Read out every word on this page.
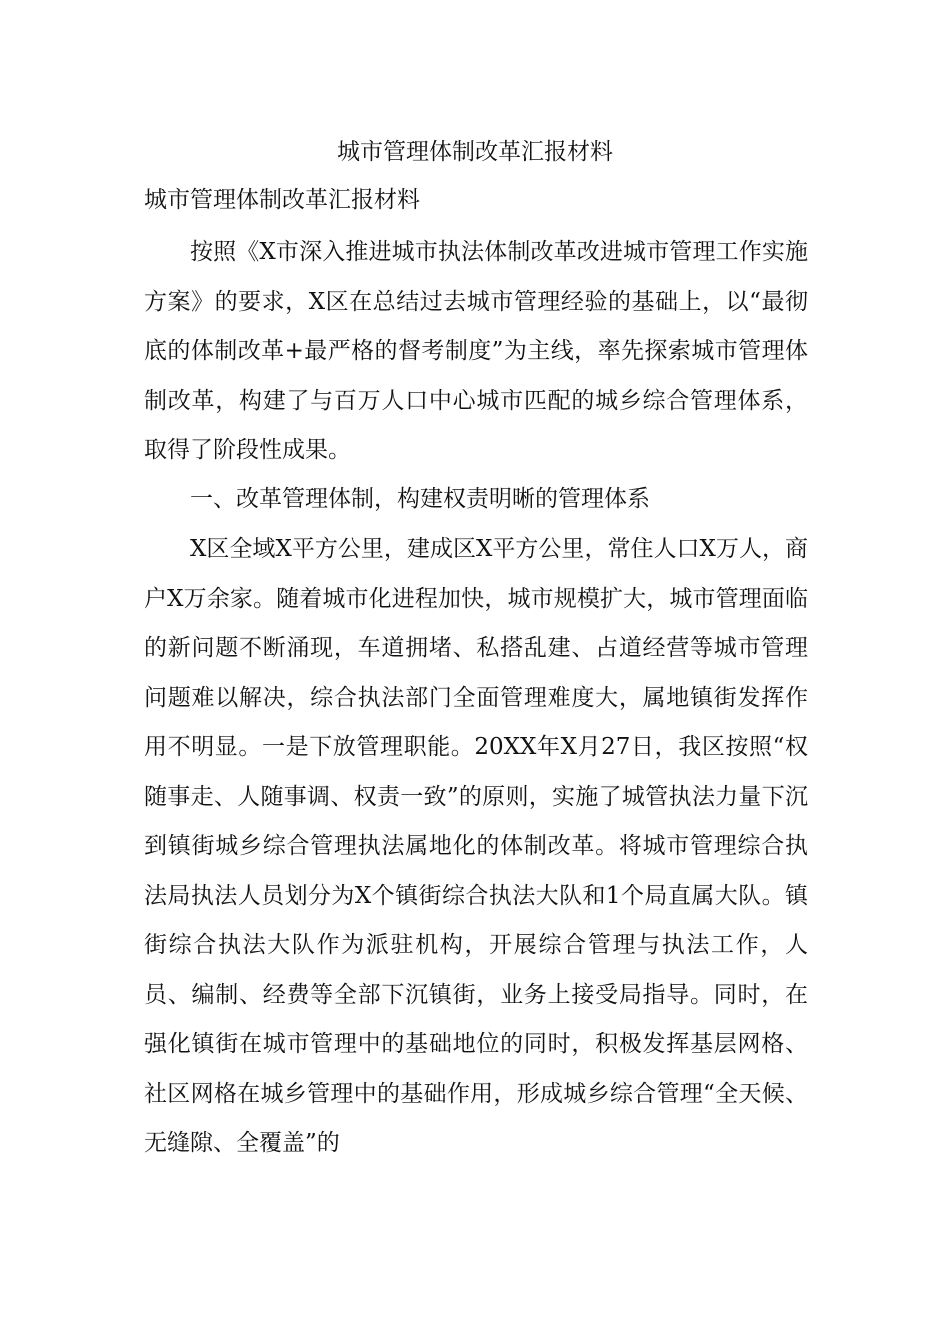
城市管理体制改革汇报材料
城市管理体制改革汇报材料

按照《X市深入推进城市执法体制改革改进城市管理工作实施方案》的要求，X区在总结过去城市管理经验的基础上，以“最彻底的体制改革+最严格的督考制度”为主线，率先探索城市管理体制改革，构建了与百万人口中心城市匹配的城乡综合管理体系，取得了阶段性成果。

一、改革管理体制，构建权责明晰的管理体系

X区全域X平方公里，建成区X平方公里，常住人口X万人，商户X万余家。随着城市化进程加快，城市规模扩大，城市管理面临的新问题不断涌现，车道拥堵、私搭乱建、占道经营等城市管理问题难以解决，综合执法部门全面管理难度大，属地镇街发挥作用不明显。一是下放管理职能。20XX年X月27日，我区按照“权随事走、人随事调、权责一致”的原则，实施了城管执法力量下沉到镇街城乡综合管理执法属地化的体制改革。将城市管理综合执法局执法人员划分为X个镇街综合执法大队和1个局直属大队。镇街综合执法大队作为派驻机构，开展综合管理与执法工作，人员、编制、经费等全部下沉镇街，业务上接受局指导。同时，在强化镇街在城市管理中的基础地位的同时，积极发挥基层网格、社区网格在城乡管理中的基础作用，形成城乡综合管理“全天候、无缝隙、全覆盖”的
